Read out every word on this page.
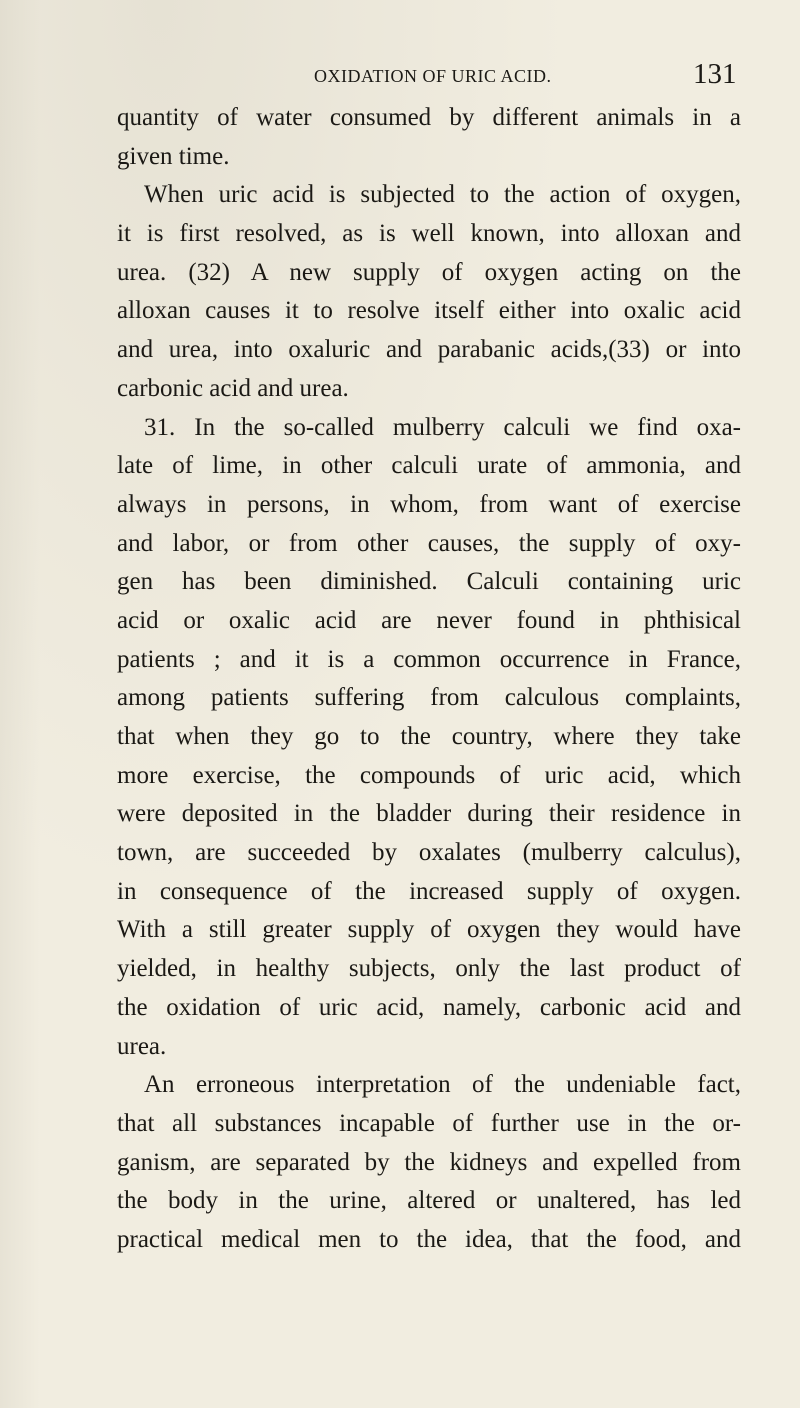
OXIDATION OF URIC ACID.	131
quantity of water consumed by different animals in a
given time.
When uric acid is subjected to the action of oxygen,
it is first resolved, as is well known, into alloxan and
urea. (32) A new supply of oxygen acting on the
alloxan causes it to resolve itself either into oxalic acid
and urea, into oxaluric and parabanic acids,(33) or into
carbonic acid and urea.
31. In the so-called mulberry calculi we find oxa-
late of lime, in other calculi urate of ammonia, and
always in persons, in whom, from want of exercise
and labor, or from other causes, the supply of oxy-
gen has been diminished. Calculi containing uric
acid or oxalic acid are never found in phthisical
patients ; and it is a common occurrence in France,
among patients suffering from calculous complaints,
that when they go to the country, where they take
more exercise, the compounds of uric acid, which
were deposited in the bladder during their residence in
town, are succeeded by oxalates (mulberry calculus),
in consequence of the increased supply of oxygen.
With a still greater supply of oxygen they would have
yielded, in healthy subjects, only the last product of
the oxidation of uric acid, namely, carbonic acid and
urea.
An erroneous interpretation of the undeniable fact,
that all substances incapable of further use in the or-
ganism, are separated by the kidneys and expelled from
the body in the urine, altered or unaltered, has led
practical medical men to the idea, that the food, and
